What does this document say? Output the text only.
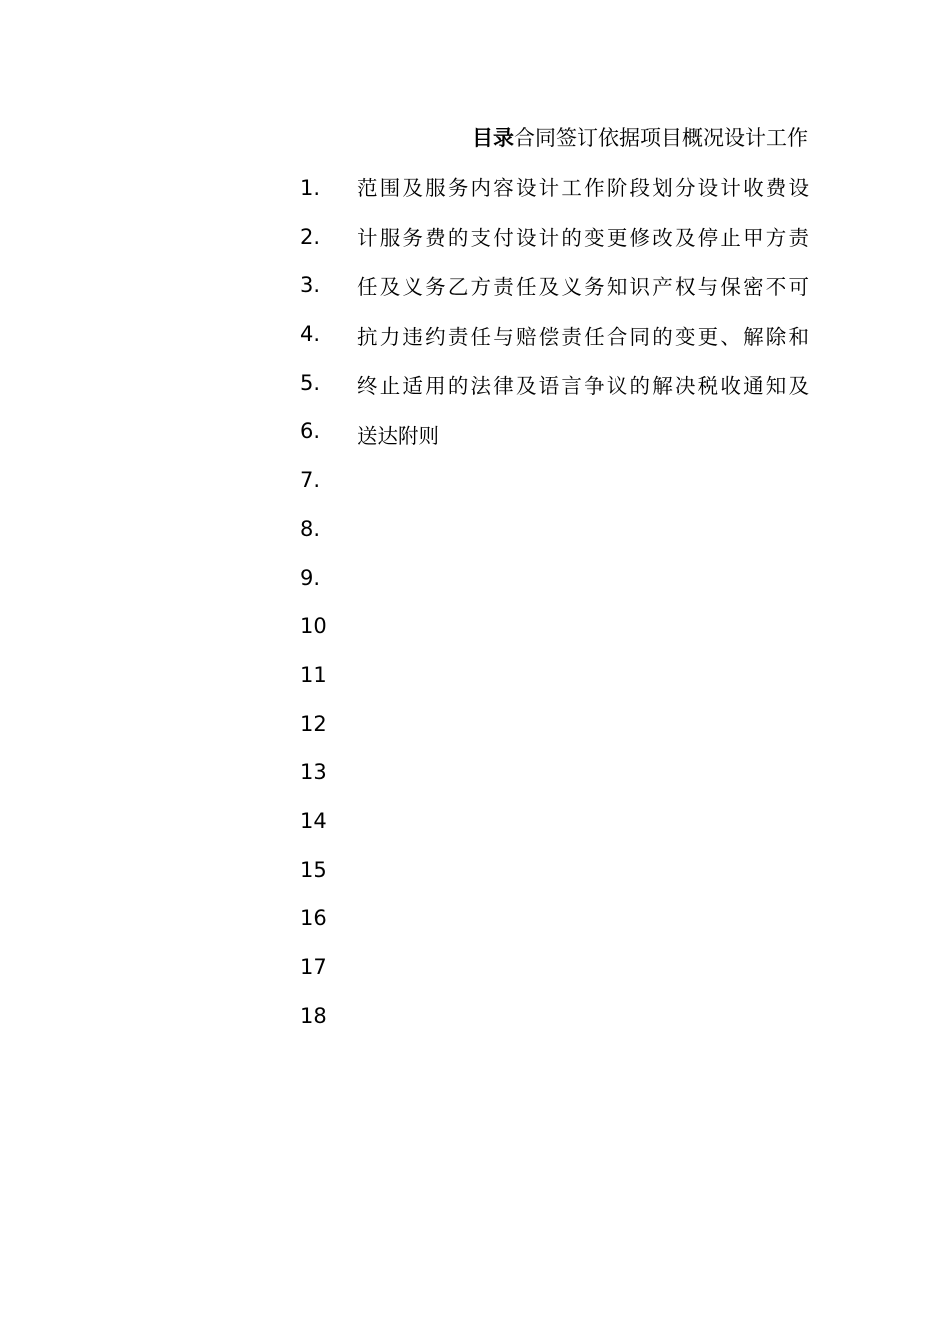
目录合同签订依据项目概况设计工作
1.
2.
3.
4.
5.
6.
7.
8.
9.
10
11
12
13
14
15
16
17
18
范围及服务内容设计工作阶段划分设计收费设
计服务费的支付设计的变更修改及停止甲方责
任及义务乙方责任及义务知识产权与保密不可
抗力违约责任与赔偿责任合同的变更、解除和
终止适用的法律及语言争议的解决税收通知及
送达附则
